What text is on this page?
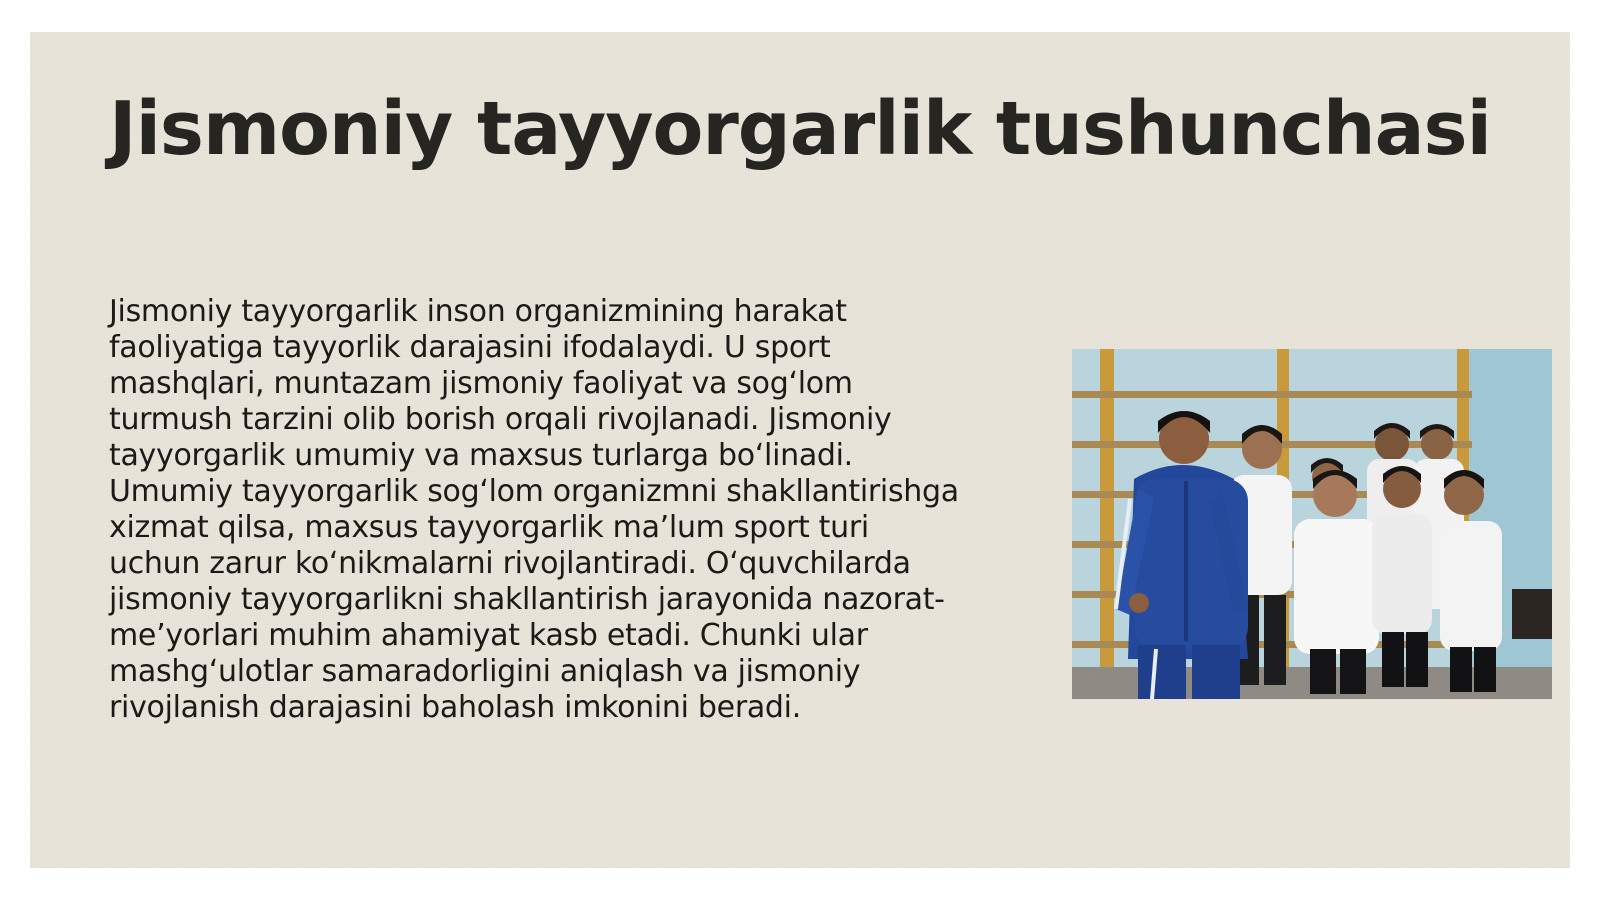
Jismoniy tayyorgarlik tushunchasi

Jismoniy tayyorgarlik inson organizmining harakat faoliyatiga tayyorlik darajasini ifodalaydi. U sport mashqlari, muntazam jismoniy faoliyat va sog‘lom turmush tarzini olib borish orqali rivojlanadi. Jismoniy tayyorgarlik umumiy va maxsus turlarga bo‘linadi. Umumiy tayyorgarlik sog‘lom organizmni shakllantirishga xizmat qilsa, maxsus tayyorgarlik ma’lum sport turi uchun zarur ko‘nikmalarni rivojlantiradi. O‘quvchilarda jismoniy tayyorgarlikni shakllantirish jarayonida nazorat-me’yorlari muhim ahamiyat kasb etadi. Chunki ular mashg‘ulotlar samaradorligini aniqlash va jismoniy rivojlanish darajasini baholash imkonini beradi.
